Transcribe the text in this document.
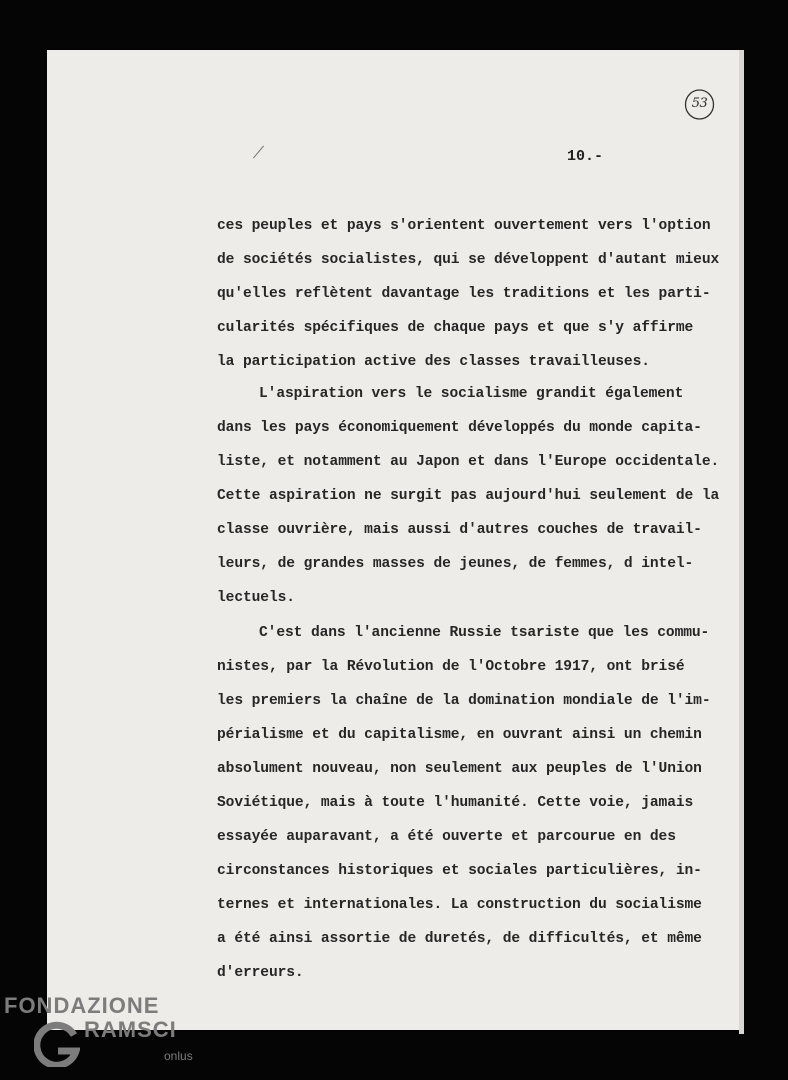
53
10.-
ces peuples et pays s'orientent ouvertement vers l'option
de sociétés socialistes, qui se développent d'autant mieux
qu'elles reflètent davantage les traditions et les parti-
cularités spécifiques de chaque pays et que s'y affirme
la participation active des classes travailleuses.
L'aspiration vers le socialisme grandit également
dans les pays économiquement développés du monde capita-
liste, et notamment au Japon et dans l'Europe occidentale.
Cette aspiration ne surgit pas aujourd'hui seulement de la
classe ouvrière, mais aussi d'autres couches de travail-
leurs, de grandes masses de jeunes, de femmes, d intel-
lectuels.
C'est dans l'ancienne Russie tsariste que les commu-
nistes, par la Révolution de l'Octobre 1917, ont brisé
les premiers la chaîne de la domination mondiale de l'im-
périalisme et du capitalisme, en ouvrant ainsi un chemin
absolument nouveau, non seulement aux peuples de l'Union
Soviétique, mais à toute l'humanité. Cette voie, jamais
essayée auparavant, a été ouverte et parcourue en des
circonstances historiques et sociales particulières, in-
ternes et internationales. La construction du socialisme
a été ainsi assortie de duretés, de difficultés, et même
d'erreurs.
FONDAZIONE
RAMSCI
onlus
